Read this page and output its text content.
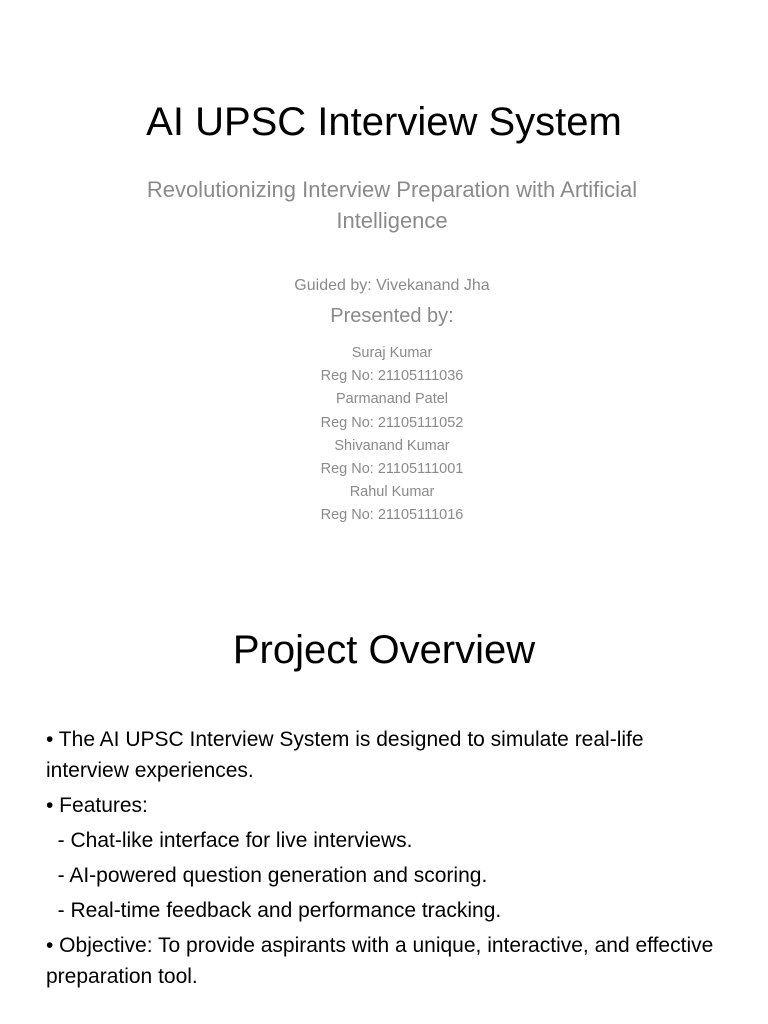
AI UPSC Interview System
Revolutionizing Interview Preparation with Artificial Intelligence
Guided by: Vivekanand Jha
Presented by:
Suraj Kumar
Reg No: 21105111036
Parmanand Patel
Reg No: 21105111052
Shivanand Kumar
Reg No: 21105111001
Rahul Kumar
Reg No: 21105111016
Project Overview

• The AI UPSC Interview System is designed to simulate real-life interview experiences.

• Features:

- Chat-like interface for live interviews.

- AI-powered question generation and scoring.

- Real-time feedback and performance tracking.

• Objective: To provide aspirants with a unique, interactive, and effective preparation tool.
